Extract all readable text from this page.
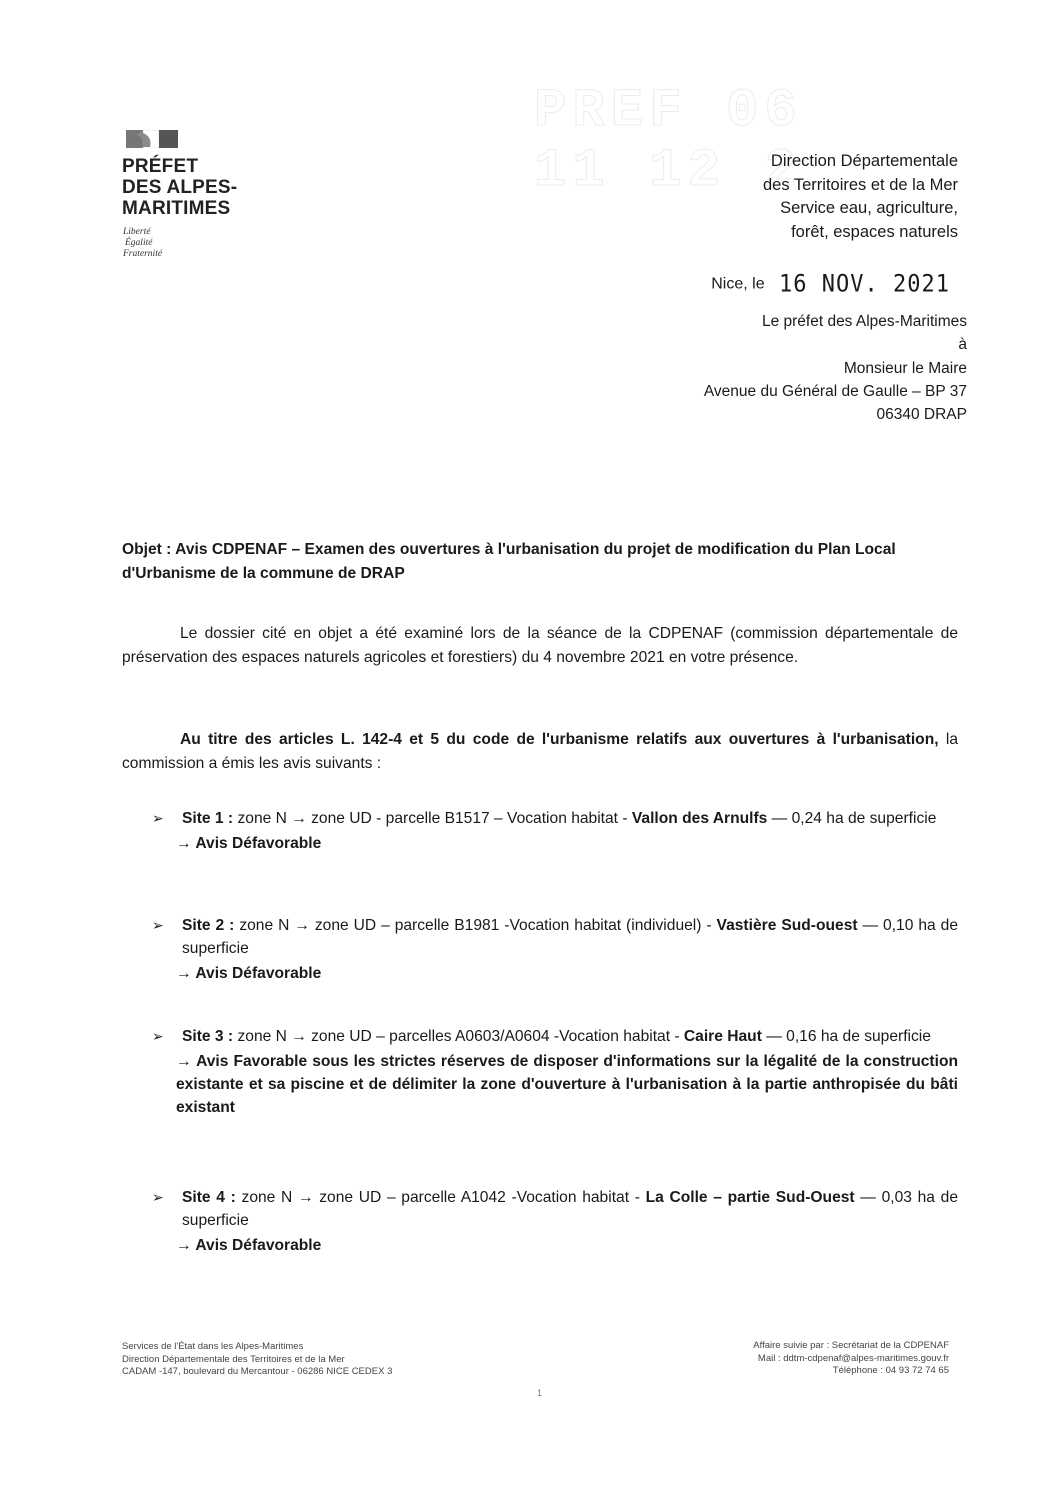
PRÉFET
DES ALPES-
MARITIMES
Liberté
Égalité
Fraternité
PREF 06
11 12 2
Direction Départementale
des Territoires et de la Mer
Service eau, agriculture,
forêt, espaces naturels
Nice, le 16 NOV. 2021
Le préfet des Alpes-Maritimes
à
Monsieur le Maire
Avenue du Général de Gaulle – BP 37
06340 DRAP
Objet : Avis CDPENAF – Examen des ouvertures à l'urbanisation du projet de modification du Plan Local d'Urbanisme de la commune de DRAP
Le dossier cité en objet a été examiné lors de la séance de la CDPENAF (commission départementale de préservation des espaces naturels agricoles et forestiers) du 4 novembre 2021 en votre présence.
Au titre des articles L. 142-4 et 5 du code de l'urbanisme relatifs aux ouvertures à l'urbanisation, la commission a émis les avis suivants :
➢ Site 1 : zone N → zone UD - parcelle B1517 – Vocation habitat - Vallon des Arnulfs — 0,24 ha de superficie
→ Avis Défavorable
➢ Site 2 : zone N → zone UD – parcelle B1981 -Vocation habitat (individuel) - Vastière Sud-ouest — 0,10 ha de superficie
→ Avis Défavorable
➢ Site 3 : zone N → zone UD – parcelles A0603/A0604 -Vocation habitat - Caire Haut — 0,16 ha de superficie
→ Avis Favorable sous les strictes réserves de disposer d'informations sur la légalité de la construction existante et sa piscine et de délimiter la zone d'ouverture à l'urbanisation à la partie anthropisée du bâti existant
➢ Site 4 : zone N → zone UD – parcelle A1042 -Vocation habitat - La Colle – partie Sud-Ouest — 0,03 ha de superficie
→ Avis Défavorable
Services de l'État dans les Alpes-Maritimes
Direction Départementale des Territoires et de la Mer
CADAM -147, boulevard du Mercantour - 06286 NICE CEDEX 3
Affaire suivie par : Secrétariat de la CDPENAF
Mail : ddtm-cdpenaf@alpes-maritimes.gouv.fr
Téléphone : 04 93 72 74 65
1
